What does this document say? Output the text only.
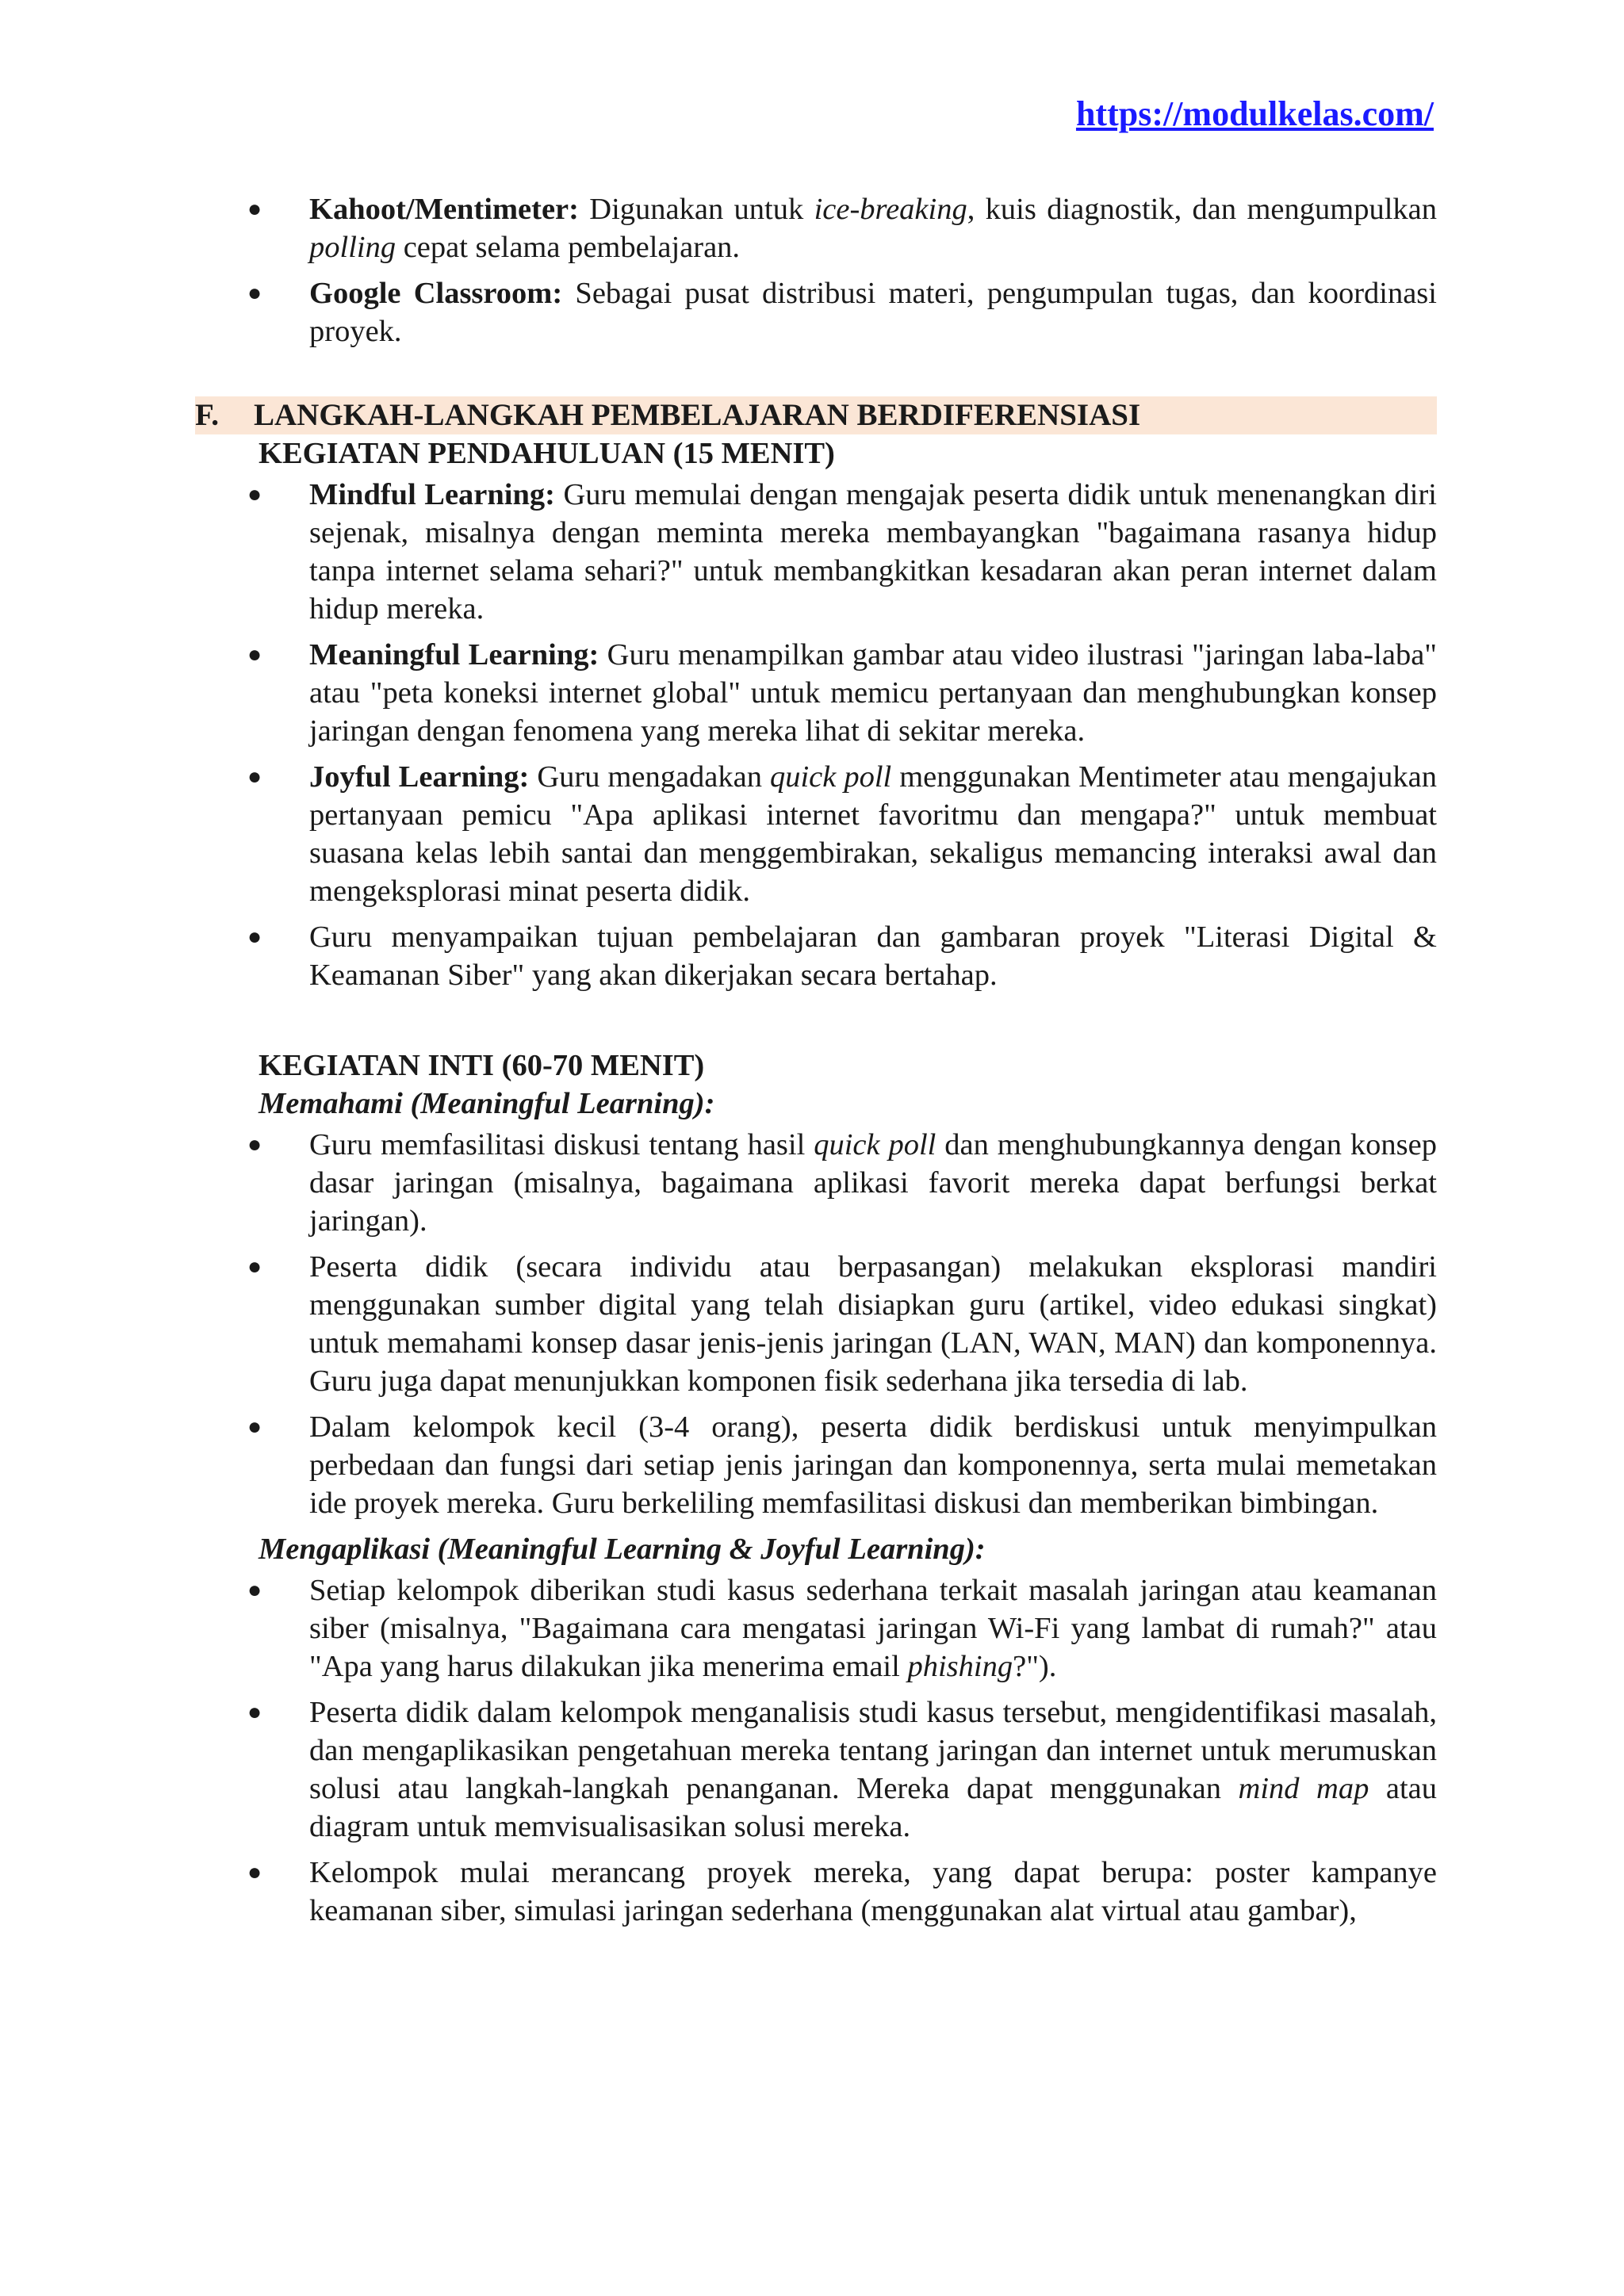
https://modulkelas.com/
● Kahoot/Mentimeter: Digunakan untuk ice-breaking, kuis diagnostik, dan mengumpulkan polling cepat selama pembelajaran.
● Google Classroom: Sebagai pusat distribusi materi, pengumpulan tugas, dan koordinasi proyek.
F. LANGKAH-LANGKAH PEMBELAJARAN BERDIFERENSIASI

KEGIATAN PENDAHULUAN (15 MENIT)

● Mindful Learning: Guru memulai dengan mengajak peserta didik untuk menenangkan diri sejenak, misalnya dengan meminta mereka membayangkan "bagaimana rasanya hidup tanpa internet selama sehari?" untuk membangkitkan kesadaran akan peran internet dalam hidup mereka.
● Meaningful Learning: Guru menampilkan gambar atau video ilustrasi "jaringan laba-laba" atau "peta koneksi internet global" untuk memicu pertanyaan dan menghubungkan konsep jaringan dengan fenomena yang mereka lihat di sekitar mereka.
● Joyful Learning: Guru mengadakan quick poll menggunakan Mentimeter atau mengajukan pertanyaan pemicu "Apa aplikasi internet favoritmu dan mengapa?" untuk membuat suasana kelas lebih santai dan menggembirakan, sekaligus memancing interaksi awal dan mengeksplorasi minat peserta didik.
● Guru menyampaikan tujuan pembelajaran dan gambaran proyek "Literasi Digital & Keamanan Siber" yang akan dikerjakan secara bertahap.

KEGIATAN INTI (60-70 MENIT)

Memahami (Meaningful Learning):

● Guru memfasilitasi diskusi tentang hasil quick poll dan menghubungkannya dengan konsep dasar jaringan (misalnya, bagaimana aplikasi favorit mereka dapat berfungsi berkat jaringan).
● Peserta didik (secara individu atau berpasangan) melakukan eksplorasi mandiri menggunakan sumber digital yang telah disiapkan guru (artikel, video edukasi singkat) untuk memahami konsep dasar jenis-jenis jaringan (LAN, WAN, MAN) dan komponennya. Guru juga dapat menunjukkan komponen fisik sederhana jika tersedia di lab.
● Dalam kelompok kecil (3-4 orang), peserta didik berdiskusi untuk menyimpulkan perbedaan dan fungsi dari setiap jenis jaringan dan komponennya, serta mulai memetakan ide proyek mereka. Guru berkeliling memfasilitasi diskusi dan memberikan bimbingan.

Mengaplikasi (Meaningful Learning & Joyful Learning):

● Setiap kelompok diberikan studi kasus sederhana terkait masalah jaringan atau keamanan siber (misalnya, "Bagaimana cara mengatasi jaringan Wi-Fi yang lambat di rumah?" atau "Apa yang harus dilakukan jika menerima email phishing?").
● Peserta didik dalam kelompok menganalisis studi kasus tersebut, mengidentifikasi masalah, dan mengaplikasikan pengetahuan mereka tentang jaringan dan internet untuk merumuskan solusi atau langkah-langkah penanganan. Mereka dapat menggunakan mind map atau diagram untuk memvisualisasikan solusi mereka.
● Kelompok mulai merancang proyek mereka, yang dapat berupa: poster kampanye keamanan siber, simulasi jaringan sederhana (menggunakan alat virtual atau gambar),
